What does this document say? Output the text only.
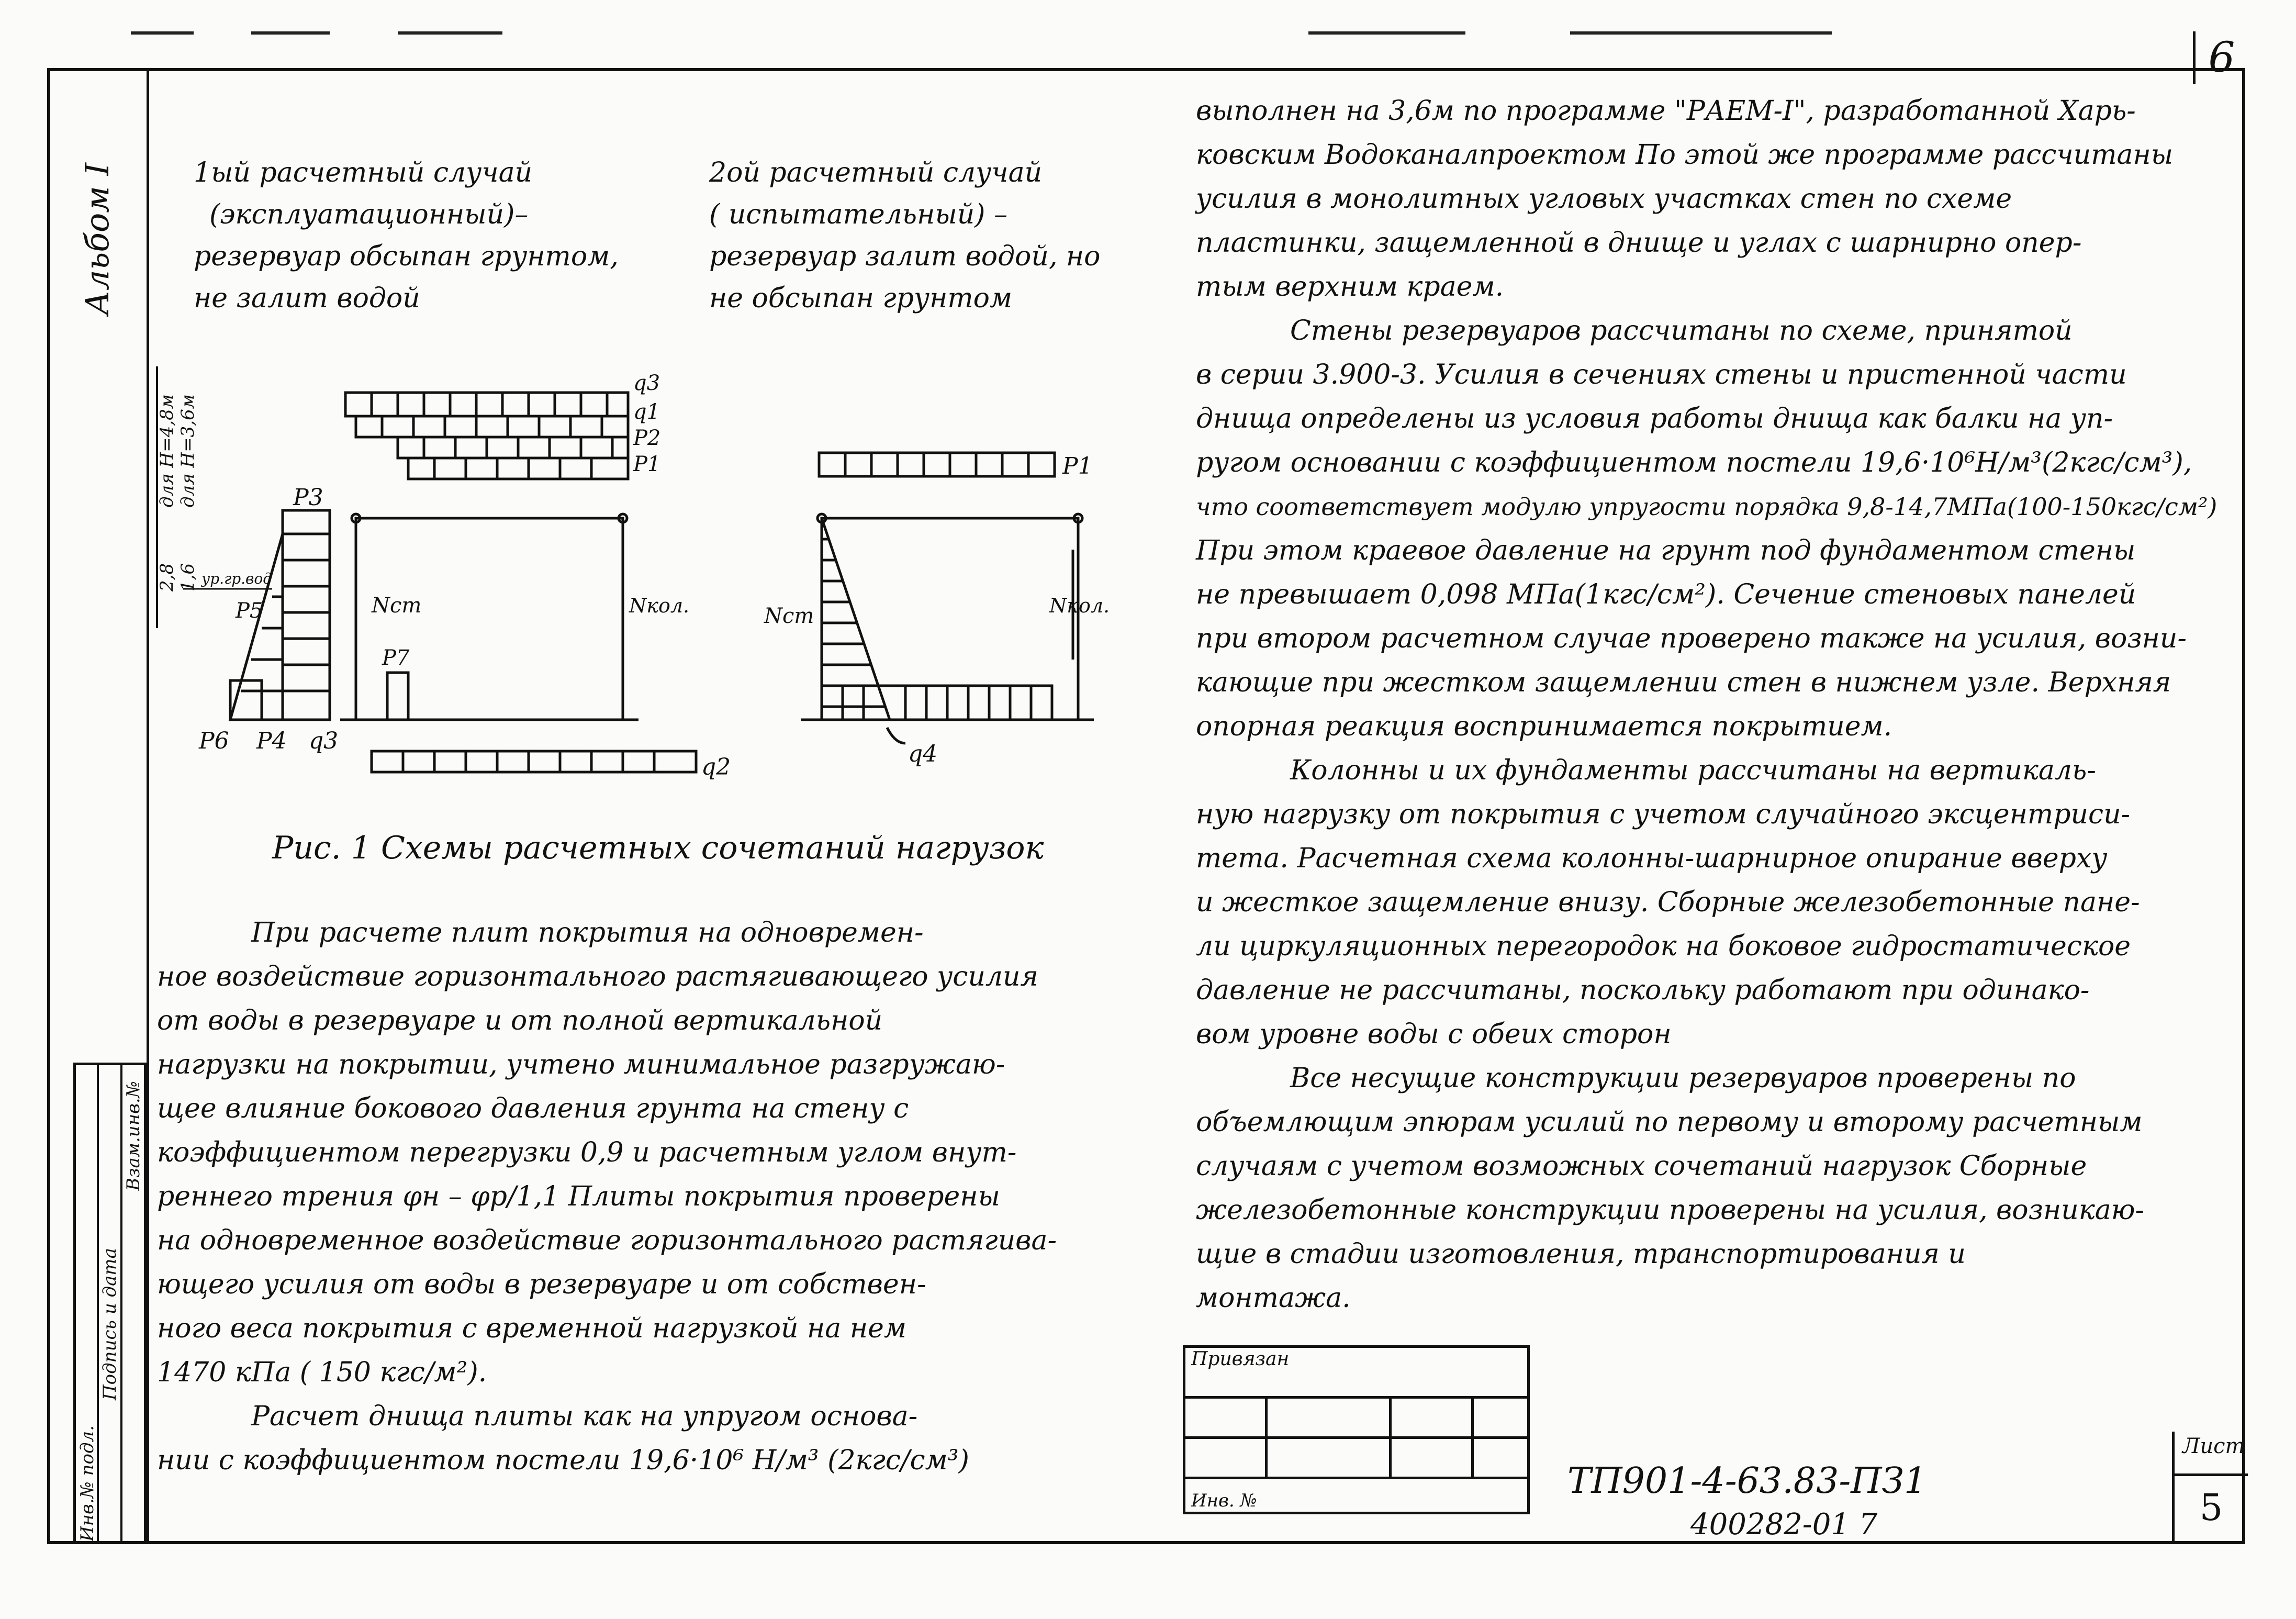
6
Альбом I	1ый расчетный случай
(эксплуатационный)–
резервуар обсыпан грунтом,
не залит водой
2ой расчетный случай
( испытательный) –
резервуар залит водой, но
не обсыпан грунтом
q3
q1
P2
P1
для H=4,8м для H=3,6м
2,8 1,6 ур.гр.вод
P3
P5
P6 P4 q3
Nст	Nкол.
P7
q2
P1
Nст	Nкол.
q4
Рис. 1 Схемы расчетных сочетаний нагрузок
При расчете плит покрытия на одновремен-
ное воздействие горизонтального растягивающего усилия
от воды в резервуаре и от полной вертикальной
нагрузки на покрытии, учтено минимальное разгружаю-
щее влияние бокового давления грунта на стену с
коэффициентом перегрузки 0,9 и расчетным углом внут-
реннего трения φн – φр/1,1 Плиты покрытия проверены
на одновременное воздействие горизонтального растягива-
ющего усилия от воды в резервуаре и от собствен-
ного веса покрытия с временной нагрузкой на нем
1470 кПа ( 150 кгс/м²).
Расчет днища плиты как на упругом основа-
нии с коэффициентом постели 19,6·10⁶ Н/м³ (2кгс/см³)
выполнен на 3,6м по программе "РАЕМ-I", разработанной Харь-
ковским Водоканалпроектом По этой же программе рассчитаны
усилия в монолитных угловых участках стен по схеме
пластинки, защемленной в днище и углах с шарнирно опер-
тым верхним краем.
Стены резервуаров рассчитаны по схеме, принятой
в серии 3.900-3. Усилия в сечениях стены и пристенной части
днища определены из условия работы днища как балки на уп-
ругом основании с коэффициентом постели 19,6·10⁶Н/м³(2кгс/см³),
что соответствует модулю упругости порядка 9,8-14,7МПа(100-150кгс/см²)
При этом краевое давление на грунт под фундаментом стены
не превышает 0,098 МПа(1кгс/см²). Сечение стеновых панелей
при втором расчетном случае проверено также на усилия, возни-
кающие при жестком защемлении стен в нижнем узле. Верхняя
опорная реакция воспринимается покрытием.
Колонны и их фундаменты рассчитаны на вертикаль-
ную нагрузку от покрытия с учетом случайного эксцентриси-
тета. Расчетная схема колонны-шарнирное опирание вверху
и жесткое защемление внизу. Сборные железобетонные пане-
ли циркуляционных перегородок на боковое гидростатическое
давление не рассчитаны, поскольку работают при одинако-
вом уровне воды с обеих сторон
Все несущие конструкции резервуаров проверены по
объемлющим эпюрам усилий по первому и второму расчетным
случаям с учетом возможных сочетаний нагрузок Сборные
железобетонные конструкции проверены на усилия, возникаю-
щие в стадии изготовления, транспортирования и
монтажа.
Инв.№ подл.
Подпись и дата
Взам.инв.№
Привязан			

Инв. №				ТП901-4-63.83-ПЗ1
Лист
5
400282-01 7
